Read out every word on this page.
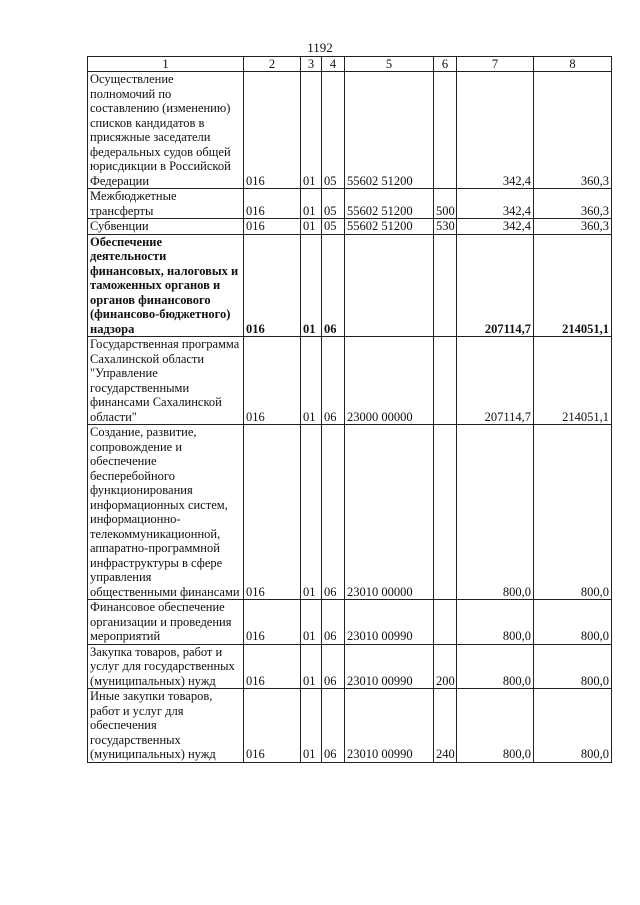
1192
1	2	3	4	5	6	7	8
Осуществление полномочий по составлению (изменению) списков кандидатов в присяжные заседатели федеральных судов общей юрисдикции в Российской Федерации	016	01	05	55602 51200		342,4	360,3
Межбюджетные трансферты	016	01	05	55602 51200	500	342,4	360,3
Субвенции	016	01	05	55602 51200	530	342,4	360,3
Обеспечение деятельности финансовых, налоговых и таможенных органов и органов финансового (финансово-бюджетного) надзора	016	01	06			207114,7	214051,1
Государственная программа Сахалинской области "Управление государственными финансами Сахалинской области"	016	01	06	23000 00000		207114,7	214051,1
Создание, развитие, сопровождение и обеспечение бесперебойного функционирования информационных систем, информационно-телекоммуникационной, аппаратно-программной инфраструктуры в сфере управления общественными финансами	016	01	06	23010 00000		800,0	800,0
Финансовое обеспечение организации и проведения мероприятий	016	01	06	23010 00990		800,0	800,0
Закупка товаров, работ и услуг для государственных (муниципальных) нужд	016	01	06	23010 00990	200	800,0	800,0
Иные закупки товаров, работ и услуг для обеспечения государственных (муниципальных) нужд	016	01	06	23010 00990	240	800,0	800,0
